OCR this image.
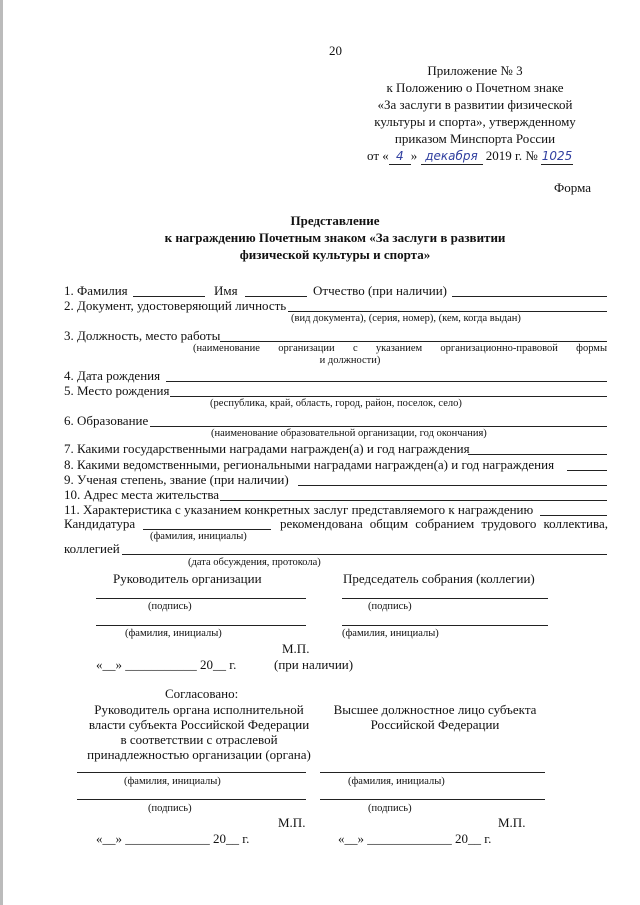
20
Приложение № 3
к Положению о Почетном знаке
«За заслуги в развитии физической
культуры и спорта», утвержденному
приказом Минспорта России
от « 4 » декабря 2019 г. № 1025
Форма
Представление
к награждению Почетным знаком «За заслуги в развитии
физической культуры и спорта»
1. Фамилия	Имя	Отчество (при наличии)
2. Документ, удостоверяющий личность
(вид документа), (серия, номер), (кем, когда выдан)
3. Должность, место работы
(наименование организации с указанием организационно-правовой формы
и должности)
4. Дата рождения
5. Место рождения
(республика, край, область, город, район, поселок, село)
6. Образование
(наименование образовательной организации, год окончания)
7. Какими государственными наградами награжден(а) и год награждения
8. Какими ведомственными, региональными наградами награжден(а) и год награждения
9. Ученая степень, звание (при наличии)
10. Адрес места жительства
11. Характеристика с указанием конкретных заслуг представляемого к награждению
Кандидатура	рекомендована общим собранием трудового коллектива,
(фамилия, инициалы)
коллегией
(дата обсуждения, протокола)
Руководитель организации	Председатель собрания (коллегии)
(подпись)	(подпись)
(фамилия, инициалы)	(фамилия, инициалы)
М.П.
«__» ___________ 20__ г.	(при наличии)
Согласовано:
Руководитель органа исполнительной
власти субъекта Российской Федерации
в соответствии с отраслевой
принадлежностью организации (органа)
Высшее должностное лицо субъекта
Российской Федерации
(фамилия, инициалы)	(фамилия, инициалы)
(подпись)	(подпись)
М.П.	М.П.
«__» _____________ 20__ г.	«__» _____________ 20__ г.
